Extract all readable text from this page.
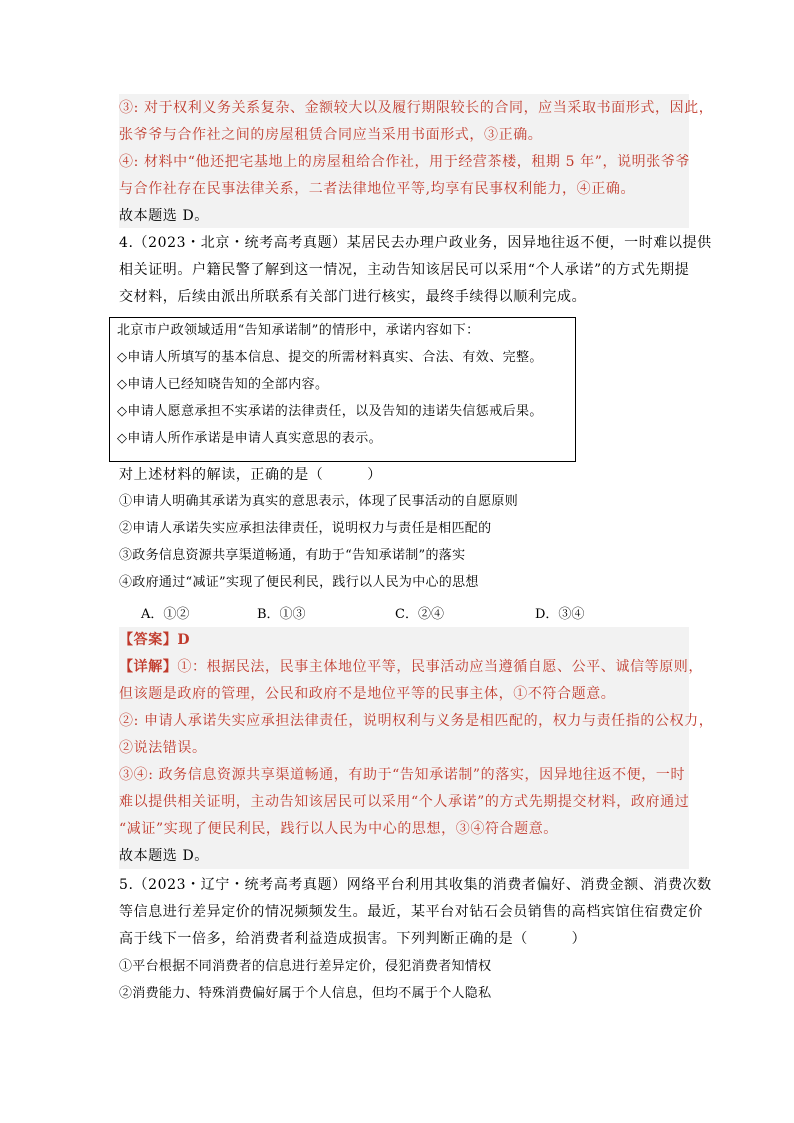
③: 对于权利义务关系复杂、金额较大以及履行期限较长的合同，应当采取书面形式，因此，
张爷爷与合作社之间的房屋租赁合同应当采用书面形式，③正确。
④: 材料中“他还把宅基地上的房屋租给合作社，用于经营茶楼，租期 5 年”，说明张爷爷
与合作社存在民事法律关系，二者法律地位平等,均享有民事权利能力，④正确。
故本题选 D。
4.（2023・北京・统考高考真题）某居民去办理户政业务，因异地往返不便，一时难以提供
相关证明。户籍民警了解到这一情况，主动告知该居民可以采用“个人承诺”的方式先期提
交材料，后续由派出所联系有关部门进行核实，最终手续得以顺利完成。
北京市户政领域适用“告知承诺制”的情形中，承诺内容如下：
◇申请人所填写的基本信息、提交的所需材料真实、合法、有效、完整。
◇申请人已经知晓告知的全部内容。
◇申请人愿意承担不实承诺的法律责任，以及告知的违诺失信惩戒后果。
◇申请人所作承诺是申请人真实意思的表示。
对上述材料的解读，正确的是（　　　）
①申请人明确其承诺为真实的意思表示，体现了民事活动的自愿原则
②申请人承诺失实应承担法律责任，说明权力与责任是相匹配的
③政务信息资源共享渠道畅通，有助于“告知承诺制”的落实
④政府通过“减证”实现了便民利民，践行以人民为中心的思想
A．①②	B．①③	C．②④	D．③④
【答案】D
【详解】①：根据民法，民事主体地位平等，民事活动应当遵循自愿、公平、诚信等原则，
但该题是政府的管理，公民和政府不是地位平等的民事主体，①不符合题意。
②: 申请人承诺失实应承担法律责任，说明权利与义务是相匹配的，权力与责任指的公权力，
②说法错误。
③④: 政务信息资源共享渠道畅通，有助于“告知承诺制”的落实，因异地往返不便，一时
难以提供相关证明，主动告知该居民可以采用“个人承诺”的方式先期提交材料，政府通过
“减证”实现了便民利民，践行以人民为中心的思想，③④符合题意。
故本题选 D。
5.（2023・辽宁・统考高考真题）网络平台利用其收集的消费者偏好、消费金额、消费次数
等信息进行差异定价的情况频频发生。最近，某平台对钻石会员销售的高档宾馆住宿费定价
高于线下一倍多，给消费者利益造成损害。下列判断正确的是（　　　）
①平台根据不同消费者的信息进行差异定价，侵犯消费者知情权
②消费能力、特殊消费偏好属于个人信息，但均不属于个人隐私
